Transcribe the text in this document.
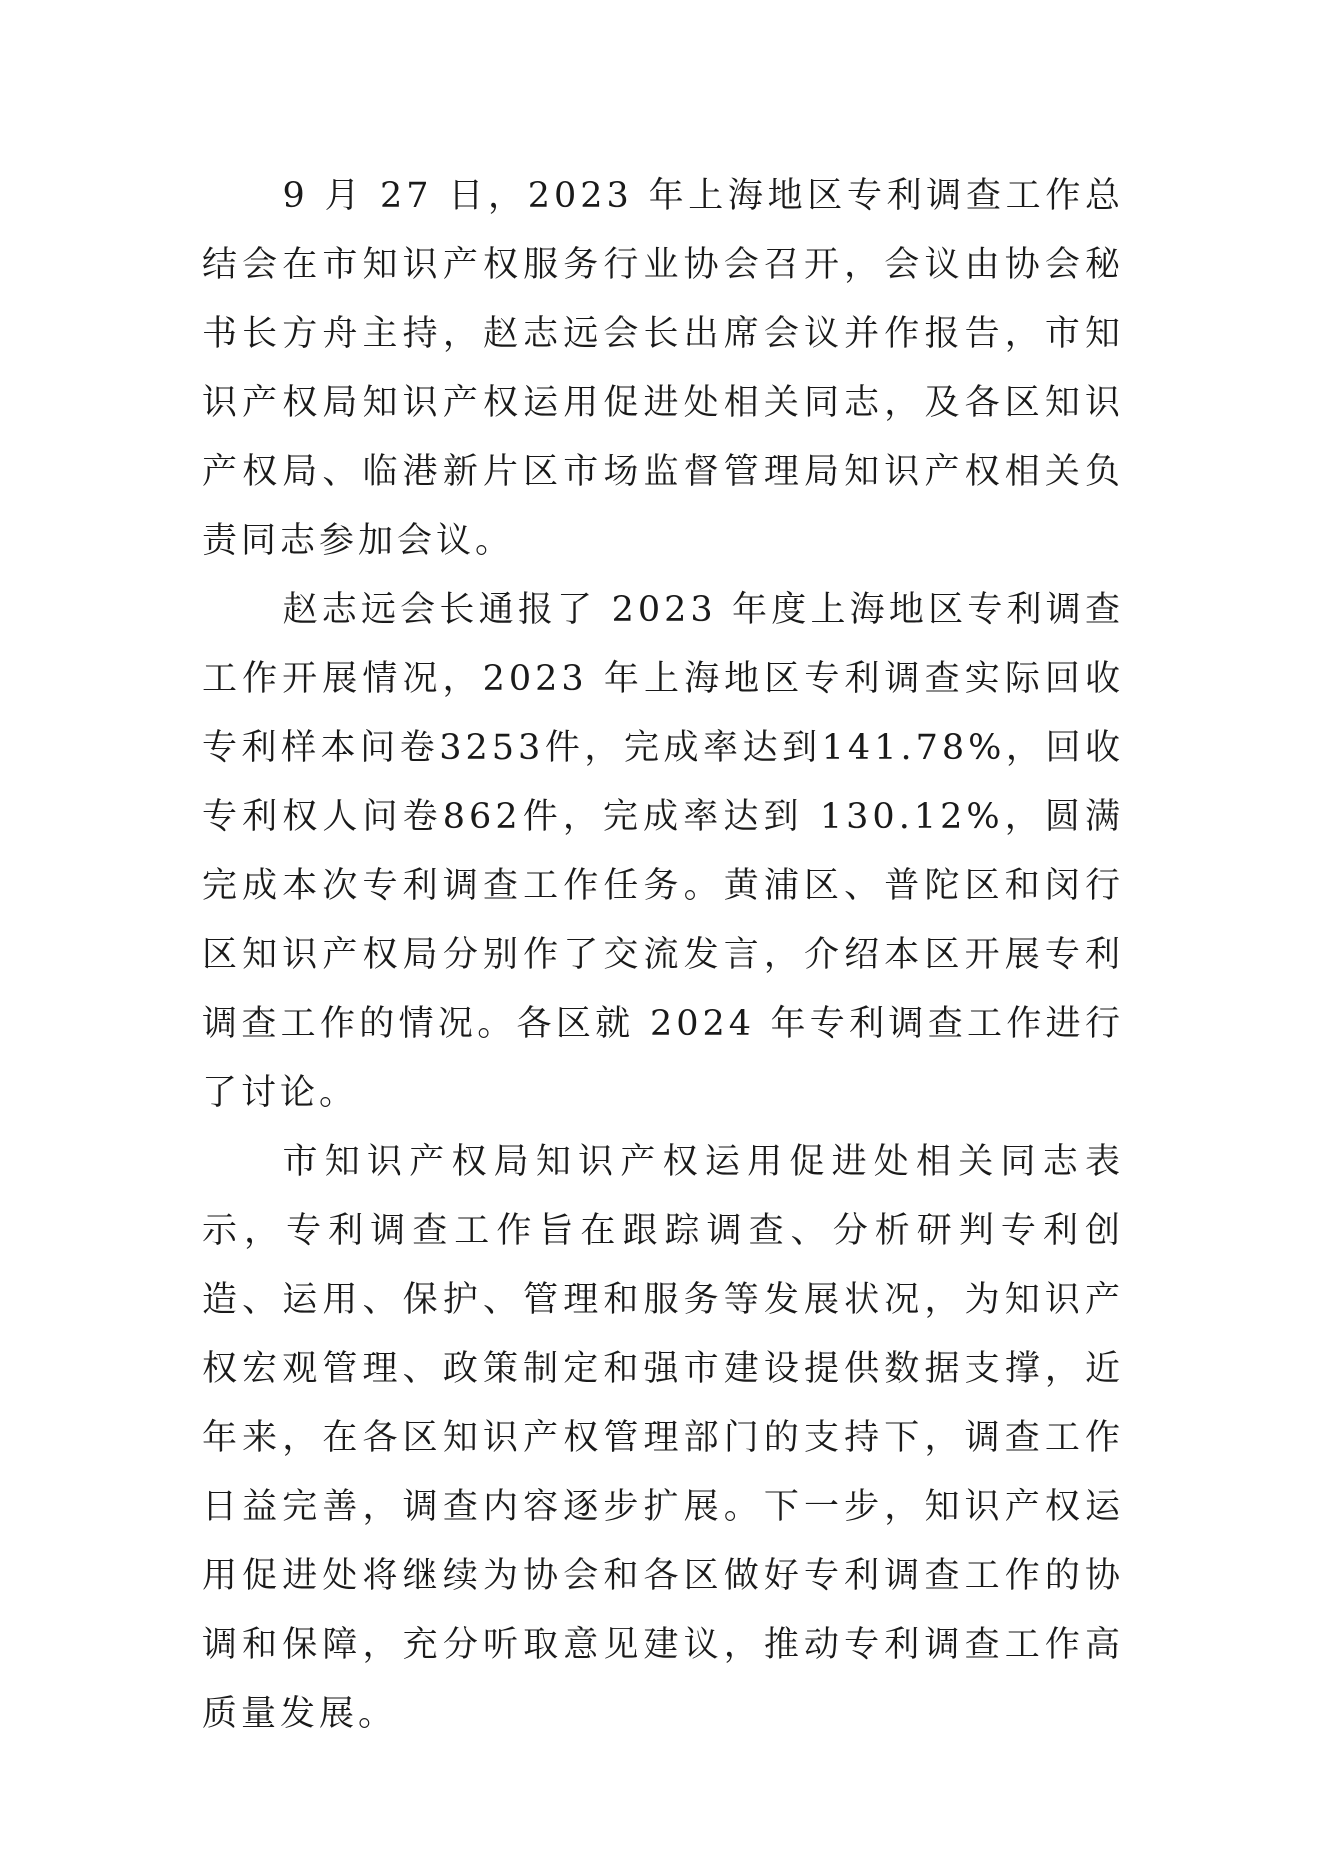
9 月 27 日，2023 年上海地区专利调查工作总结会在市知识产权服务行业协会召开，会议由协会秘书长方舟主持，赵志远会长出席会议并作报告，市知识产权局知识产权运用促进处相关同志，及各区知识产权局、临港新片区市场监督管理局知识产权相关负责同志参加会议。

赵志远会长通报了 2023 年度上海地区专利调查工作开展情况，2023 年上海地区专利调查实际回收专利样本问卷3253件，完成率达到141.78%，回收专利权人问卷862件，完成率达到 130.12%，圆满完成本次专利调查工作任务。黄浦区、普陀区和闵行区知识产权局分别作了交流发言，介绍本区开展专利调查工作的情况。各区就 2024 年专利调查工作进行了讨论。

市知识产权局知识产权运用促进处相关同志表示，专利调查工作旨在跟踪调查、分析研判专利创造、运用、保护、管理和服务等发展状况，为知识产权宏观管理、政策制定和强市建设提供数据支撑，近年来，在各区知识产权管理部门的支持下，调查工作日益完善，调查内容逐步扩展。下一步，知识产权运用促进处将继续为协会和各区做好专利调查工作的协调和保障，充分听取意见建议，推动专利调查工作高质量发展。
